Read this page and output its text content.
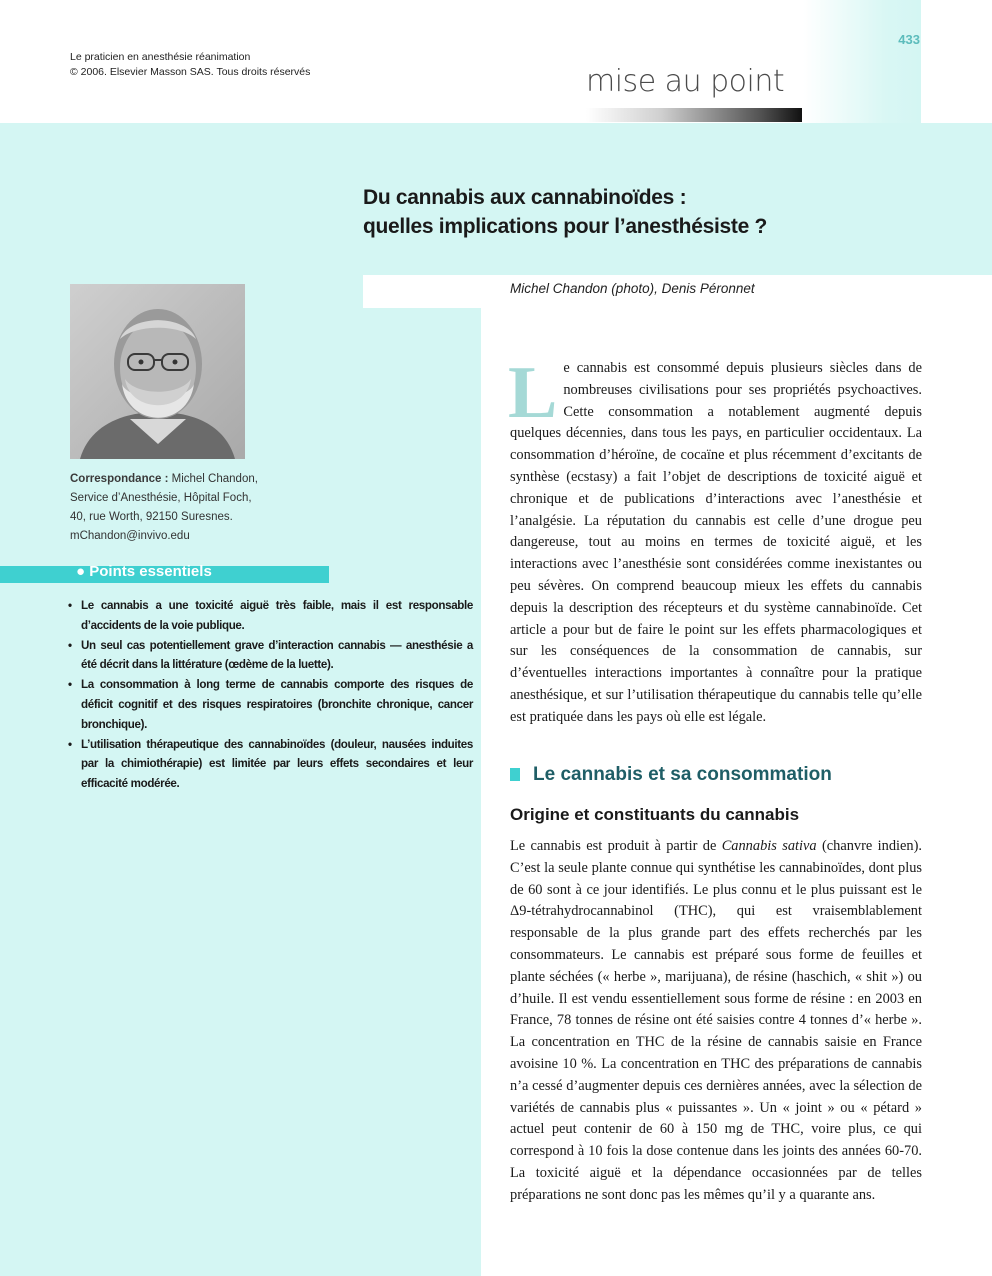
Le praticien en anesthésie réanimation
© 2006. Elsevier Masson SAS. Tous droits réservés
433
mise au point
Du cannabis aux cannabinoïdes :
quelles implications pour l’anesthésiste ?
Michel Chandon (photo), Denis Péronnet
Correspondance : Michel Chandon,
Service d’Anesthésie, Hôpital Foch,
40, rue Worth, 92150 Suresnes.
mChandon@invivo.edu
● Points essentiels
• Le cannabis a une toxicité aiguë très faible, mais il est responsable d’accidents de la voie publique.
• Un seul cas potentiellement grave d’interaction cannabis — anesthésie a été décrit dans la littérature (œdème de la luette).
• La consommation à long terme de cannabis comporte des risques de déficit cognitif et des risques respiratoires (bronchite chronique, cancer bronchique).
• L’utilisation thérapeutique des cannabinoïdes (douleur, nausées induites par la chimiothérapie) est limitée par leurs effets secondaires et leur efficacité modérée.

Le cannabis est consommé depuis plusieurs siècles dans de nombreuses civilisations pour ses propriétés psychoactives. Cette consommation a notablement augmenté depuis quelques décennies, dans tous les pays, en particulier occidentaux. La consommation d’héroïne, de cocaïne et plus récemment d’excitants de synthèse (ecstasy) a fait l’objet de descriptions de toxicité aiguë et chronique et de publications d’interactions avec l’anesthésie et l’analgésie. La réputation du cannabis est celle d’une drogue peu dangereuse, tout au moins en termes de toxicité aiguë, et les interactions avec l’anesthésie sont considérées comme inexistantes ou peu sévères. On comprend beaucoup mieux les effets du cannabis depuis la description des récepteurs et du système cannabinoïde. Cet article a pour but de faire le point sur les effets pharmacologiques et sur les conséquences de la consommation de cannabis, sur d’éventuelles interactions importantes à connaître pour la pratique anesthésique, et sur l’utilisation thérapeutique du cannabis telle qu’elle est pratiquée dans les pays où elle est légale.

Le cannabis et sa consommation
Origine et constituants du cannabis

Le cannabis est produit à partir de Cannabis sativa (chanvre indien). C’est la seule plante connue qui synthétise les cannabinoïdes, dont plus de 60 sont à ce jour identifiés. Le plus connu et le plus puissant est le Δ9-tétrahydrocannabinol (THC), qui est vraisemblablement responsable de la plus grande part des effets recherchés par les consommateurs. Le cannabis est préparé sous forme de feuilles et plante séchées (« herbe », marijuana), de résine (haschich, « shit ») ou d’huile. Il est vendu essentiellement sous forme de résine : en 2003 en France, 78 tonnes de résine ont été saisies contre 4 tonnes d’« herbe ». La concentration en THC de la résine de cannabis saisie en France avoisine 10 %. La concentration en THC des préparations de cannabis n’a cessé d’augmenter depuis ces dernières années, avec la sélection de variétés de cannabis plus « puissantes ». Un « joint » ou « pétard » actuel peut contenir de 60 à 150 mg de THC, voire plus, ce qui correspond à 10 fois la dose contenue dans les joints des années 60-70. La toxicité aiguë et la dépendance occasionnées par de telles préparations ne sont donc pas les mêmes qu’il y a quarante ans.
